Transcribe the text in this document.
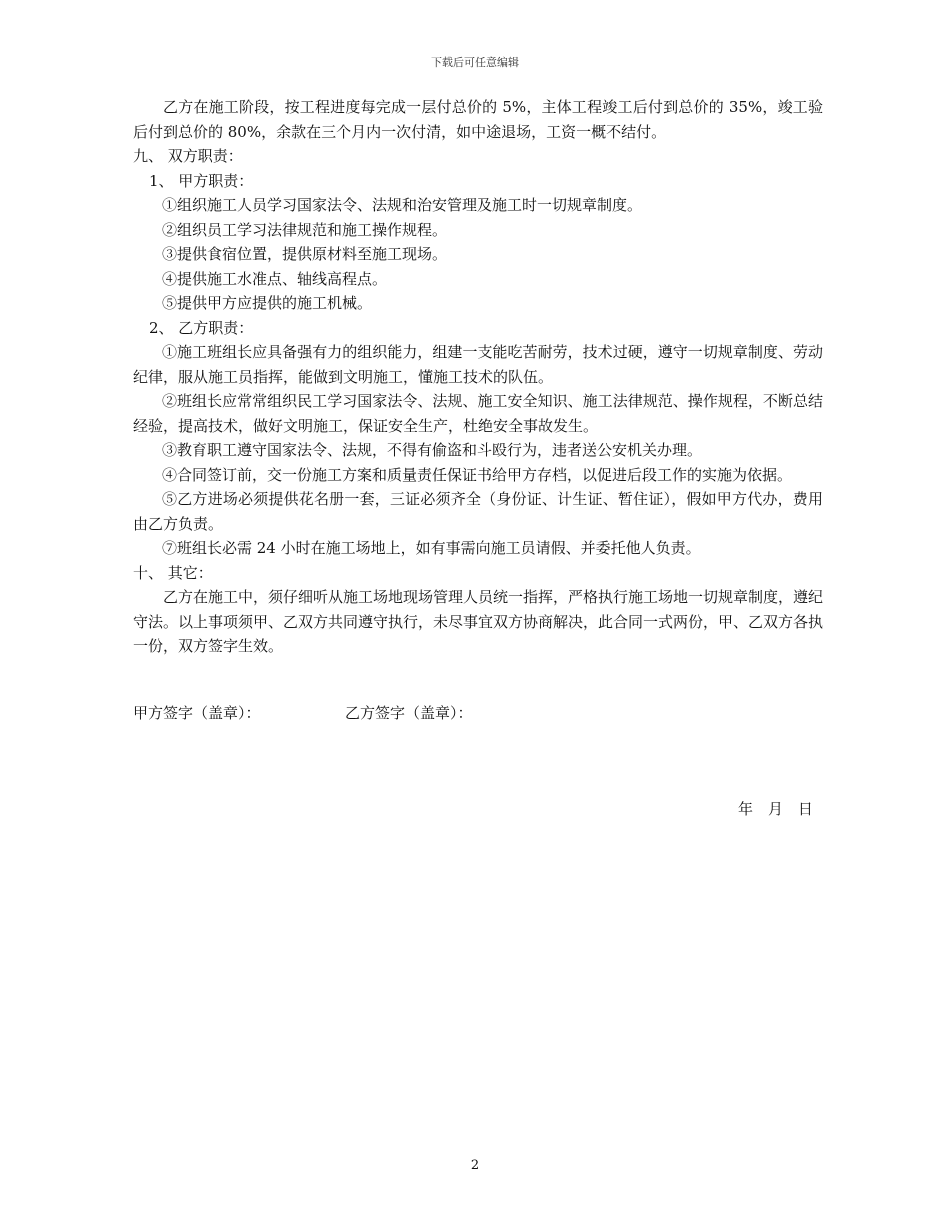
下载后可任意编辑

乙方在施工阶段，按工程进度每完成一层付总价的 5%，主体工程竣工后付到总价的 35%，竣工验后付到总价的 80%，余款在三个月内一次付清，如中途退场，工资一概不结付。

九、 双方职责：

1、 甲方职责：

①组织施工人员学习国家法令、法规和治安管理及施工时一切规章制度。

②组织员工学习法律规范和施工操作规程。

③提供食宿位置，提供原材料至施工现场。

④提供施工水准点、轴线高程点。

⑤提供甲方应提供的施工机械。

2、 乙方职责：

①施工班组长应具备强有力的组织能力，组建一支能吃苦耐劳，技术过硬，遵守一切规章制度、劳动纪律，服从施工员指挥，能做到文明施工，懂施工技术的队伍。

②班组长应常常组织民工学习国家法令、法规、施工安全知识、施工法律规范、操作规程，不断总结经验，提高技术，做好文明施工，保证安全生产，杜绝安全事故发生。

③教育职工遵守国家法令、法规，不得有偷盗和斗殴行为，违者送公安机关办理。

④合同签订前，交一份施工方案和质量责任保证书给甲方存档，以促进后段工作的实施为依据。

⑤乙方进场必须提供花名册一套，三证必须齐全（身份证、计生证、暂住证），假如甲方代办，费用由乙方负责。

⑦班组长必需 24 小时在施工场地上，如有事需向施工员请假、并委托他人负责。

十、 其它：

乙方在施工中，须仔细听从施工场地现场管理人员统一指挥，严格执行施工场地一切规章制度，遵纪守法。以上事项须甲、乙双方共同遵守执行，未尽事宜双方协商解决，此合同一式两份，甲、乙双方各执一份，双方签字生效。

甲方签字（盖章）：	乙方签字（盖章）：
年 月 日
2
